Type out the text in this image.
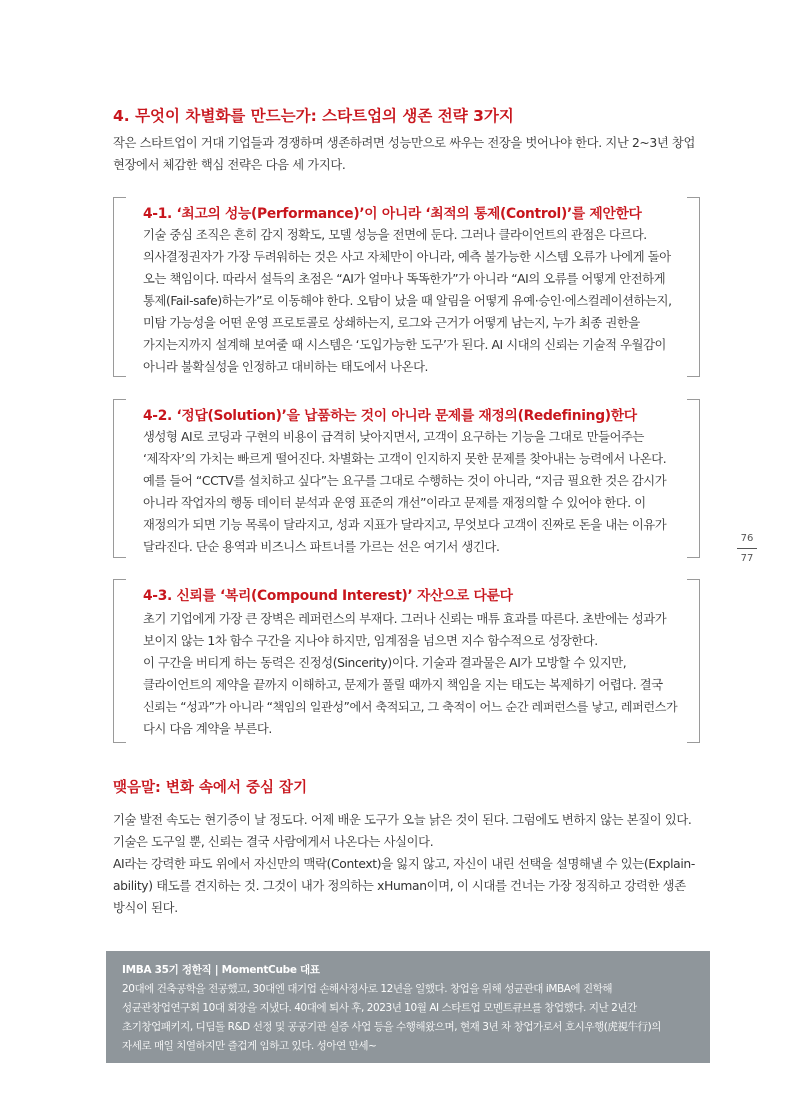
4. 무엇이 차별화를 만드는가: 스타트업의 생존 전략 3가지

작은 스타트업이 거대 기업들과 경쟁하며 생존하려면 성능만으로 싸우는 전장을 벗어나야 한다. 지난 2~3년 창업
현장에서 체감한 핵심 전략은 다음 세 가지다.

4-1. ‘최고의 성능(Performance)’이 아니라 ‘최적의 통제(Control)’를 제안한다

기술 중심 조직은 흔히 감지 정확도, 모델 성능을 전면에 둔다. 그러나 클라이언트의 관점은 다르다.
의사결정권자가 가장 두려워하는 것은 사고 자체만이 아니라, 예측 불가능한 시스템 오류가 나에게 돌아
오는 책임이다. 따라서 설득의 초점은 “AI가 얼마나 똑똑한가”가 아니라 “AI의 오류를 어떻게 안전하게
통제(Fail-safe)하는가”로 이동해야 한다. 오탐이 났을 때 알림을 어떻게 유예·승인·에스컬레이션하는지,
미탐 가능성을 어떤 운영 프로토콜로 상쇄하는지, 로그와 근거가 어떻게 남는지, 누가 최종 권한을
가지는지까지 설계해 보여줄 때 시스템은 ‘도입가능한 도구’가 된다. AI 시대의 신뢰는 기술적 우월감이
아니라 불확실성을 인정하고 대비하는 태도에서 나온다.

4-2. ‘정답(Solution)’을 납품하는 것이 아니라 문제를 재정의(Redefining)한다

생성형 AI로 코딩과 구현의 비용이 급격히 낮아지면서, 고객이 요구하는 기능을 그대로 만들어주는
‘제작자’의 가치는 빠르게 떨어진다. 차별화는 고객이 인지하지 못한 문제를 찾아내는 능력에서 나온다.
예를 들어 “CCTV를 설치하고 싶다”는 요구를 그대로 수행하는 것이 아니라, “지금 필요한 것은 감시가
아니라 작업자의 행동 데이터 분석과 운영 표준의 개선”이라고 문제를 재정의할 수 있어야 한다. 이
재정의가 되면 기능 목록이 달라지고, 성과 지표가 달라지고, 무엇보다 고객이 진짜로 돈을 내는 이유가
달라진다. 단순 용역과 비즈니스 파트너를 가르는 선은 여기서 생긴다.

4-3. 신뢰를 ‘복리(Compound Interest)’ 자산으로 다룬다

초기 기업에게 가장 큰 장벽은 레퍼런스의 부재다. 그러나 신뢰는 매튜 효과를 따른다. 초반에는 성과가
보이지 않는 1차 함수 구간을 지나야 하지만, 임계점을 넘으면 지수 함수적으로 성장한다.
이 구간을 버티게 하는 동력은 진정성(Sincerity)이다. 기술과 결과물은 AI가 모방할 수 있지만,
클라이언트의 제약을 끝까지 이해하고, 문제가 풀릴 때까지 책임을 지는 태도는 복제하기 어렵다. 결국
신뢰는 “성과”가 아니라 “책임의 일관성”에서 축적되고, 그 축적이 어느 순간 레퍼런스를 낳고, 레퍼런스가
다시 다음 계약을 부른다.

76
77
맺음말: 변화 속에서 중심 잡기

기술 발전 속도는 현기증이 날 정도다. 어제 배운 도구가 오늘 낡은 것이 된다. 그럼에도 변하지 않는 본질이 있다.
기술은 도구일 뿐, 신뢰는 결국 사람에게서 나온다는 사실이다.
AI라는 강력한 파도 위에서 자신만의 맥락(Context)을 잃지 않고, 자신이 내린 선택을 설명해낼 수 있는(Explain-
ability) 태도를 견지하는 것. 그것이 내가 정의하는 xHuman이며, 이 시대를 건너는 가장 정직하고 강력한 생존
방식이 된다.

IMBA 35기 정한직 | MomentCube 대표
20대에 건축공학을 전공했고, 30대엔 대기업 손해사정사로 12년을 일했다. 창업을 위해 성균관대 iMBA에 진학해
성균관창업연구회 10대 회장을 지냈다. 40대에 퇴사 후, 2023년 10월 AI 스타트업 모멘트큐브를 창업했다. 지난 2년간
초기창업패키지, 디딤돌 R&D 선정 및 공공기관 실증 사업 등을 수행해왔으며, 현재 3년 차 창업가로서 호시우행(虎視牛行)의
자세로 매일 치열하지만 즐겁게 임하고 있다. 성아연 만세~
